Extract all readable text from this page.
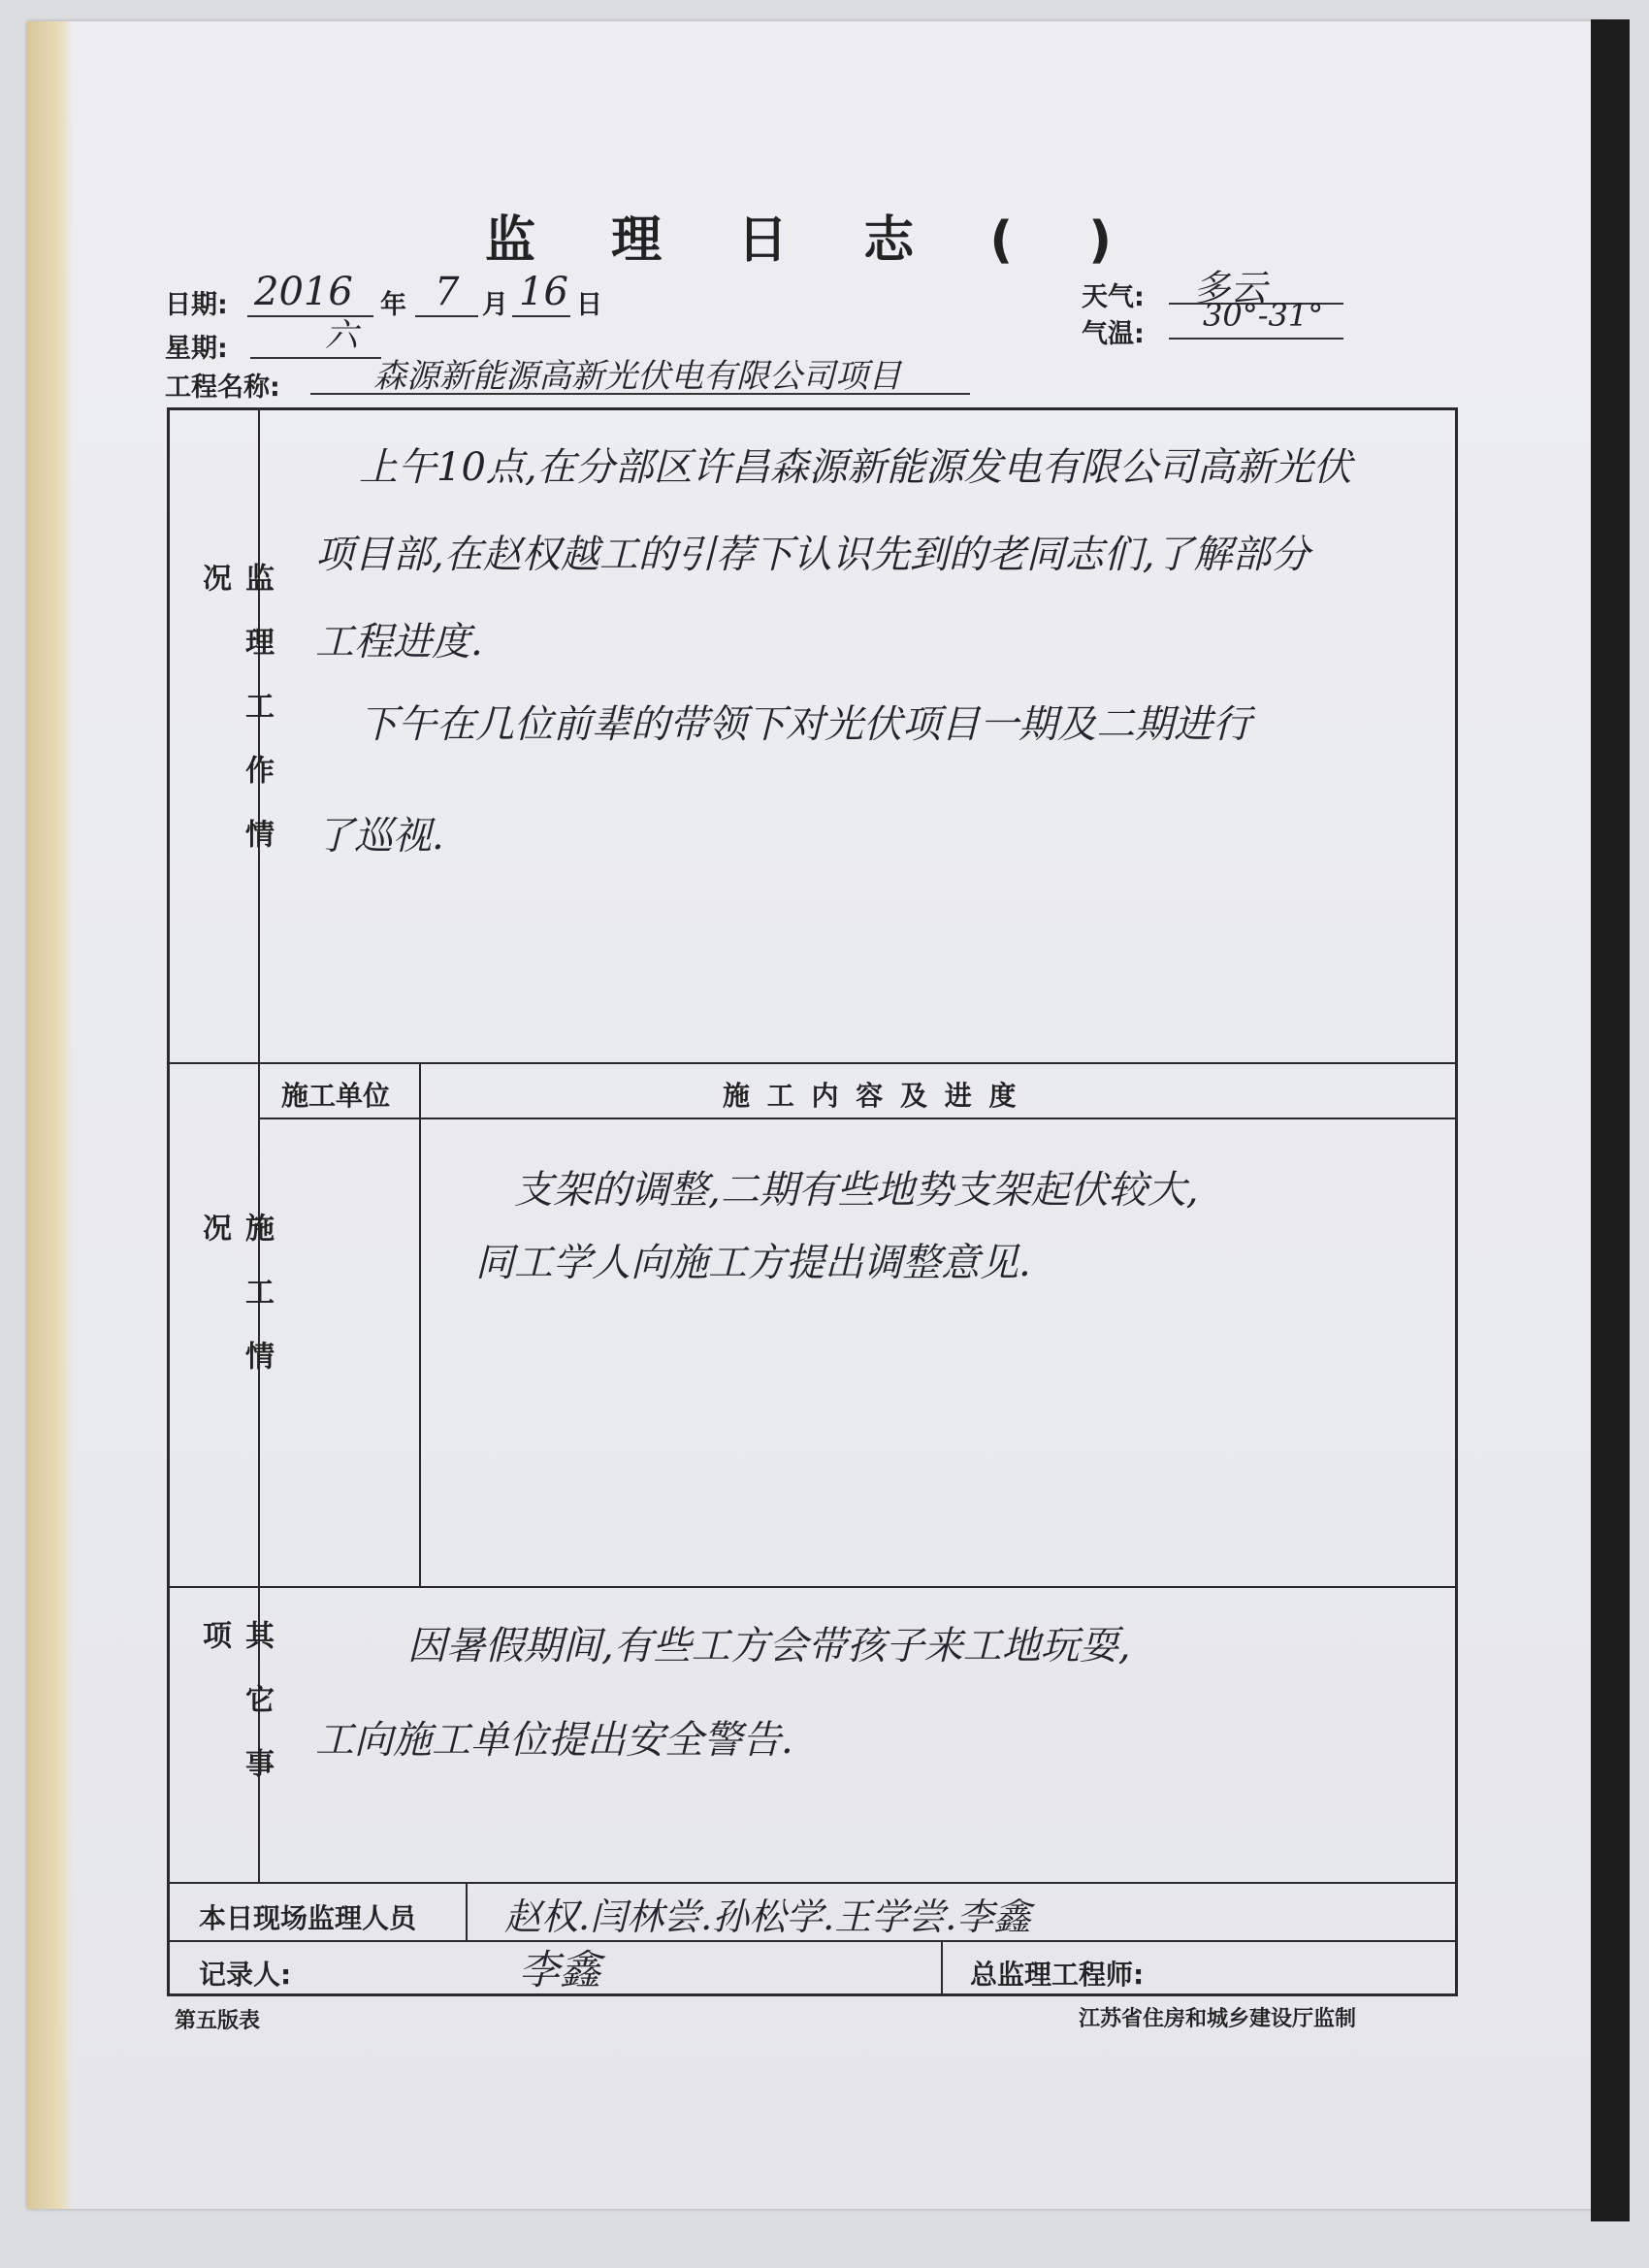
监 理 日 志 ( )
日期: 2016 年 7 月 16 日
星期:	六
工程名称:	森源新能源高新光伏电有限公司项目
天气: 多云
气温:
30°-31°
监理工作情况
上午10点,在分部区许昌森源新能源发电有限公司高新光伏
项目部,在赵权越工的引荐下认识先到的老同志们,了解部分
工程进度.
下午在几位前辈的带领下对光伏项目一期及二期进行
了巡视.
施工单位	施 工 内 容 及 进 度
施工情况
支架的调整,二期有些地势支架起伏较大,
同工学人向施工方提出调整意见.
其它事项	因暑假期间,有些工方会带孩子来工地玩耍,
工向施工单位提出安全警告.
本日现场监理人员 赵权.闫林尝.孙松学.王学尝.李鑫
记录人:	李鑫	总监理工程师:
第五版表	江苏省住房和城乡建设厅监制
